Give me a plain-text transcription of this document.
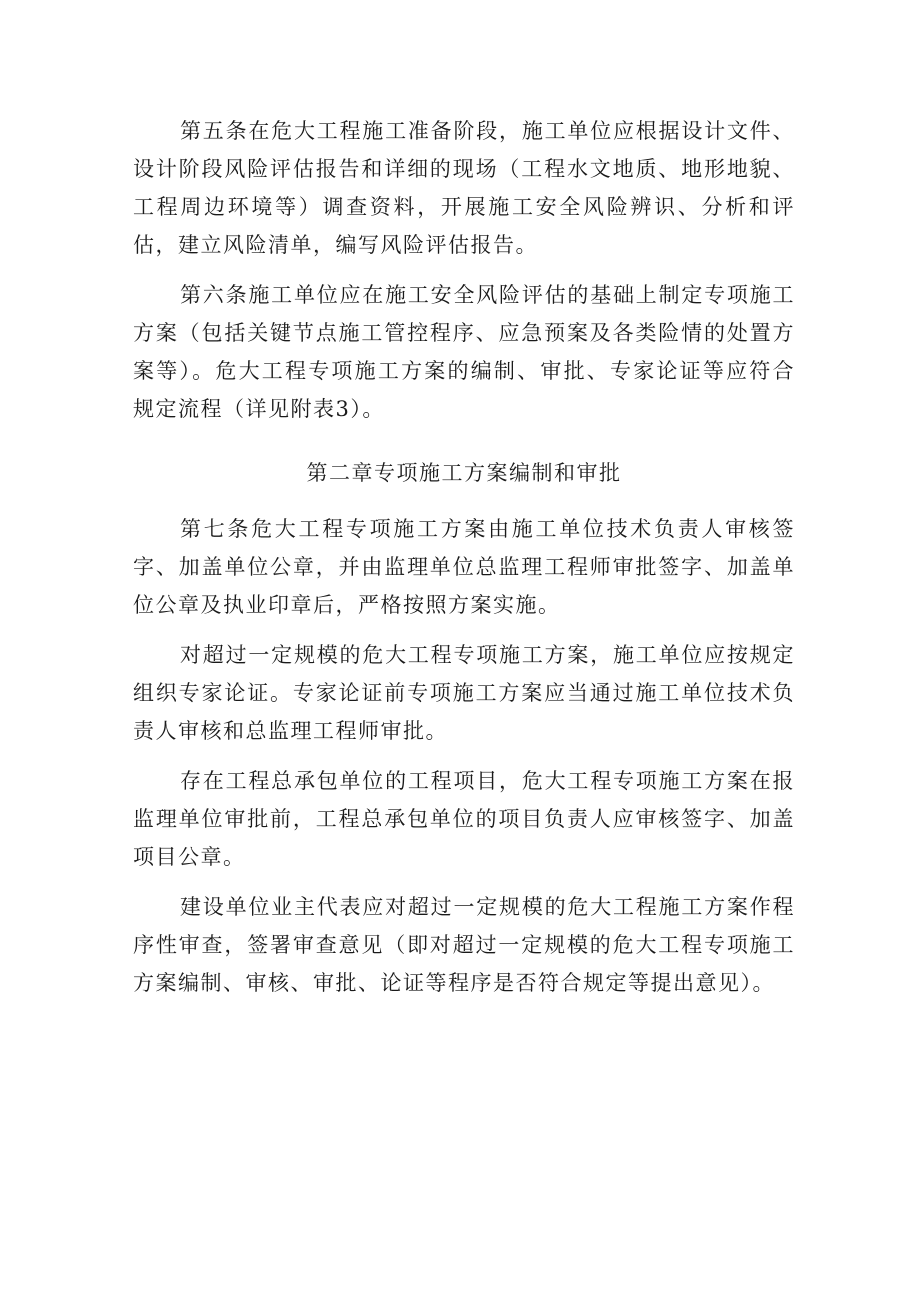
第五条在危大工程施工准备阶段，施工单位应根据设计文件、设计阶段风险评估报告和详细的现场（工程水文地质、地形地貌、工程周边环境等）调查资料，开展施工安全风险辨识、分析和评估，建立风险清单，编写风险评估报告。

第六条施工单位应在施工安全风险评估的基础上制定专项施工方案（包括关键节点施工管控程序、应急预案及各类险情的处置方案等）。危大工程专项施工方案的编制、审批、专家论证等应符合规定流程（详见附表3）。

第二章专项施工方案编制和审批

第七条危大工程专项施工方案由施工单位技术负责人审核签字、加盖单位公章，并由监理单位总监理工程师审批签字、加盖单位公章及执业印章后，严格按照方案实施。

对超过一定规模的危大工程专项施工方案，施工单位应按规定组织专家论证。专家论证前专项施工方案应当通过施工单位技术负责人审核和总监理工程师审批。

存在工程总承包单位的工程项目，危大工程专项施工方案在报监理单位审批前，工程总承包单位的项目负责人应审核签字、加盖项目公章。

建设单位业主代表应对超过一定规模的危大工程施工方案作程序性审查，签署审查意见（即对超过一定规模的危大工程专项施工方案编制、审核、审批、论证等程序是否符合规定等提出意见）。
